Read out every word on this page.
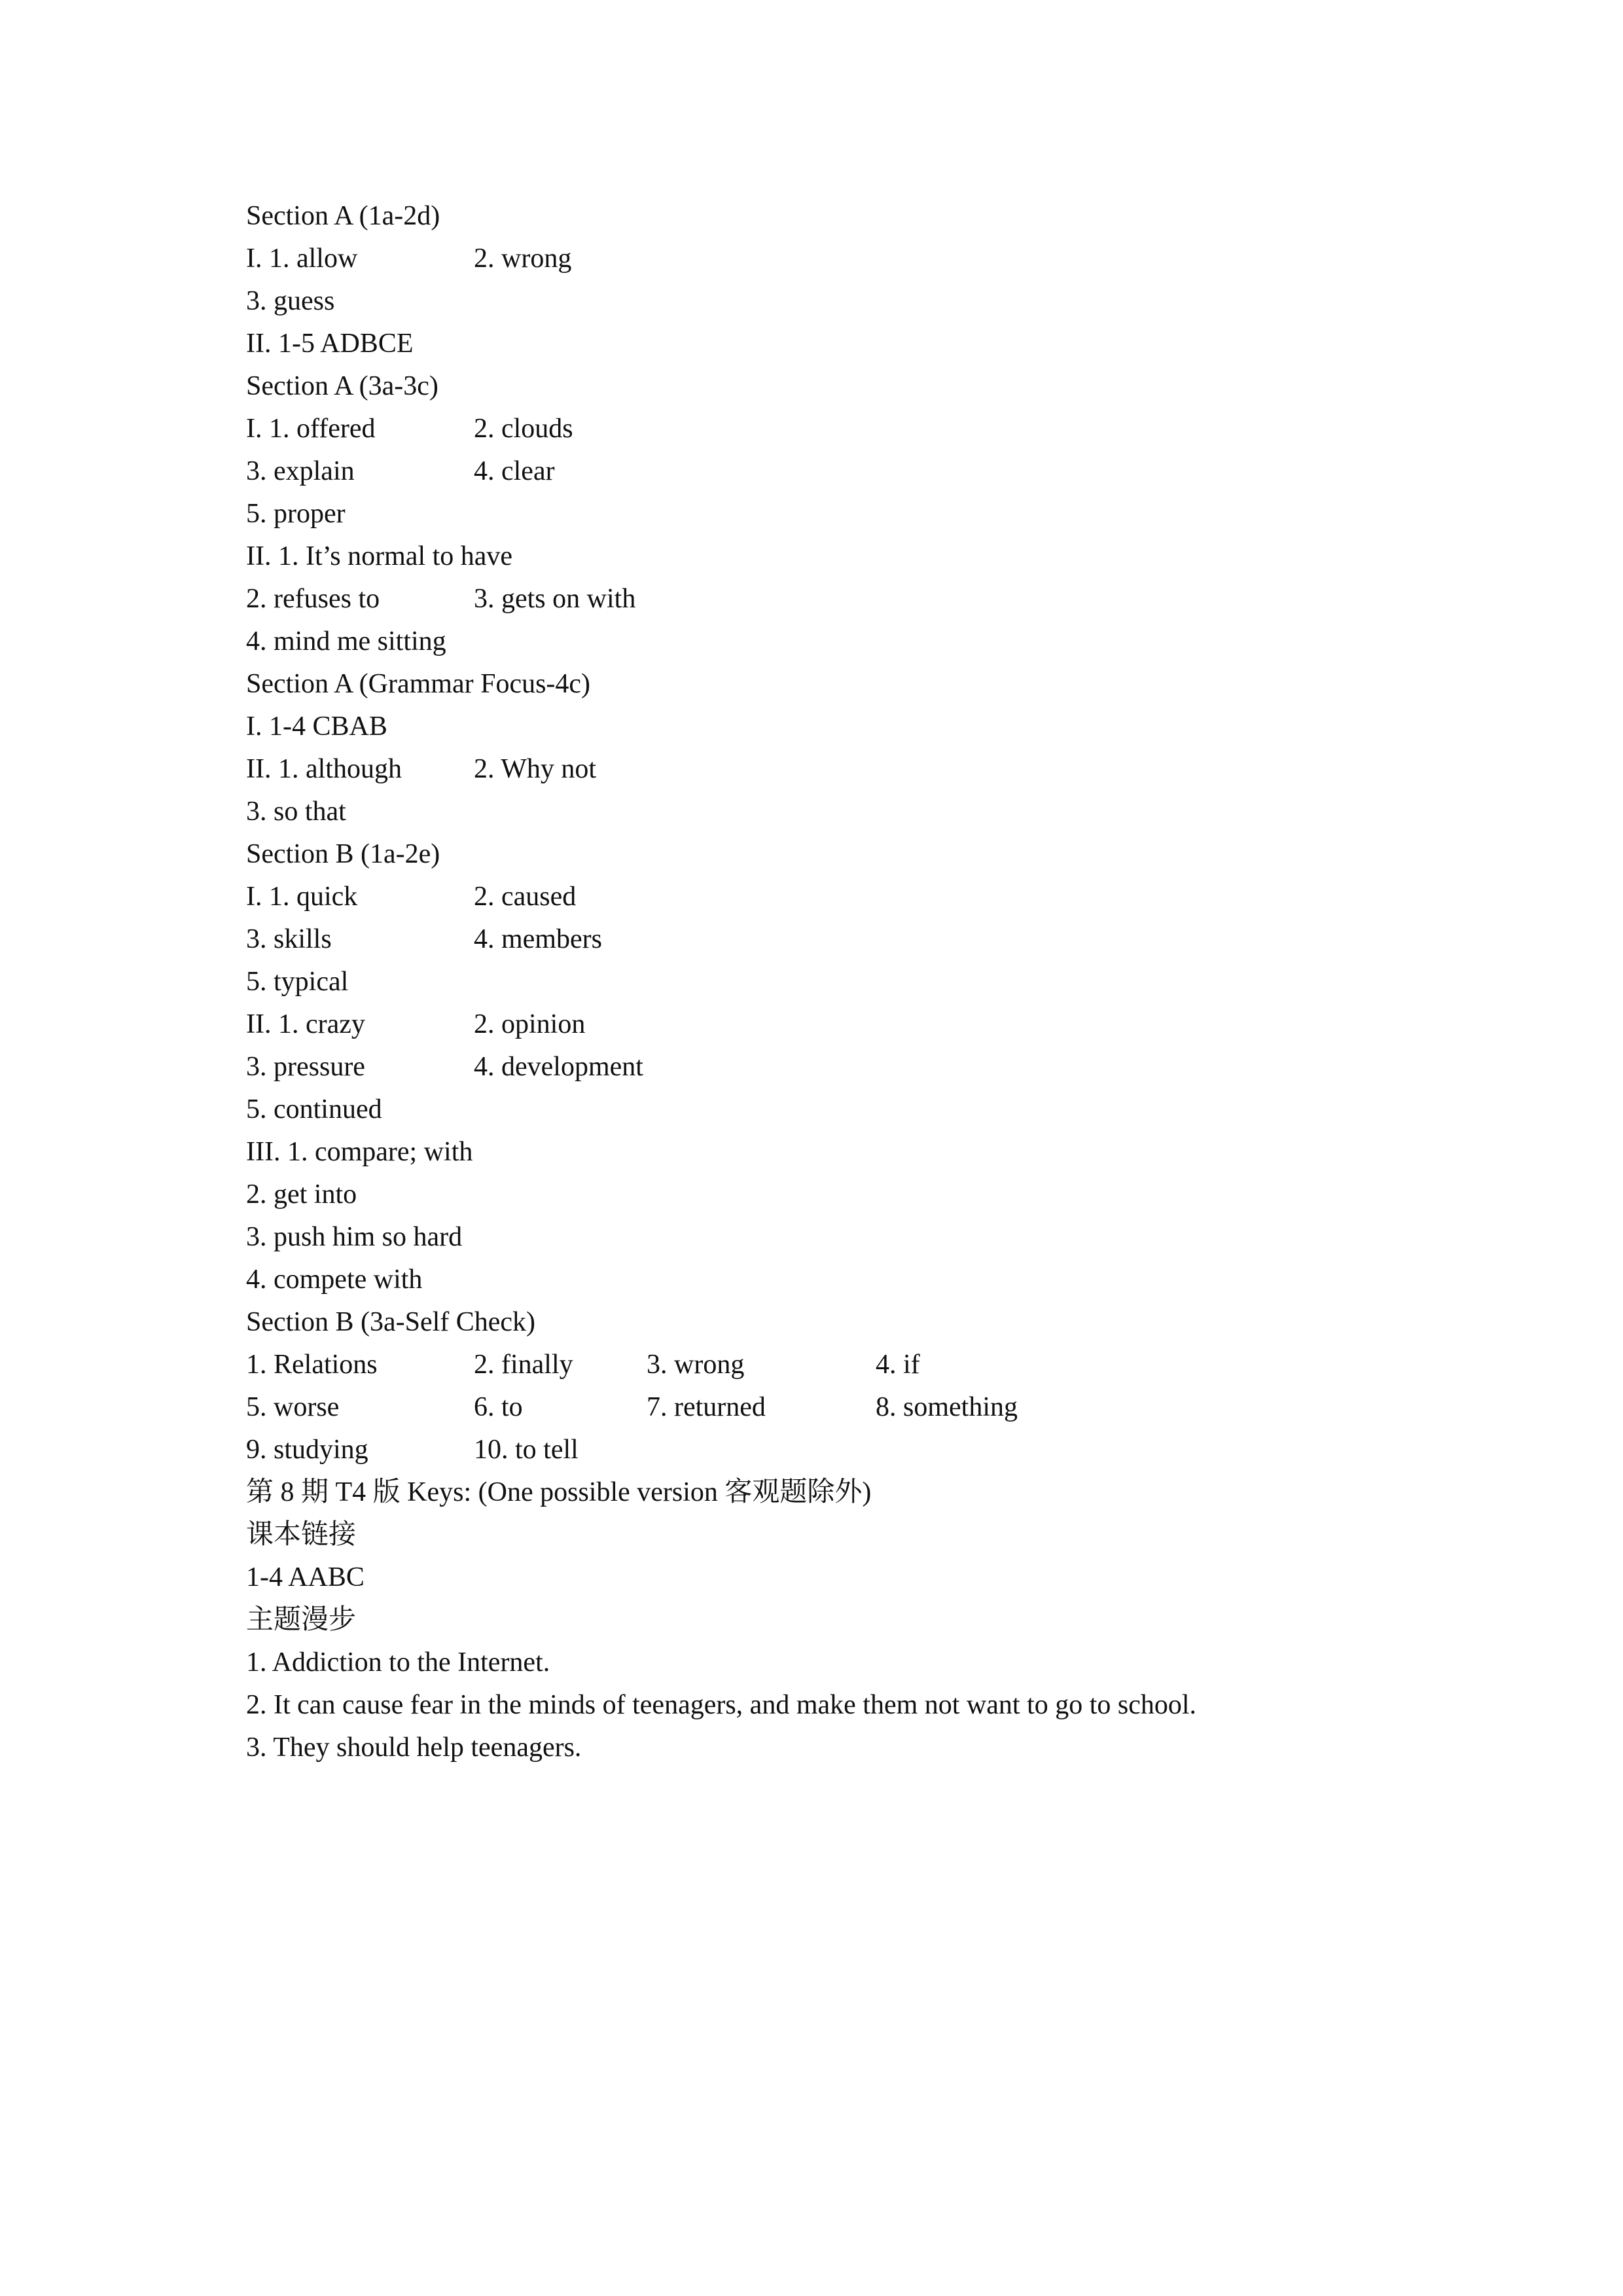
Section A (1a-2d)
I. 1. allow	2. wrong
3. guess
II. 1-5 ADBCE
Section A (3a-3c)
I. 1. offered	2. clouds
3. explain	4. clear
5. proper
II. 1. It’s normal to have
2. refuses to	3. gets on with
4. mind me sitting
Section A (Grammar Focus-4c)
I. 1-4 CBAB
II. 1. although	2. Why not
3. so that
Section B (1a-2e)
I. 1. quick	2. caused
3. skills	4. members
5. typical
II. 1. crazy	2. opinion
3. pressure	4. development
5. continued
III. 1. compare; with
2. get into
3. push him so hard
4. compete with
Section B (3a-Self Check)
1. Relations	2. finally	3. wrong	4. if
5. worse	6. to	7. returned	8. something
9. studying	10. to tell
第 8 期 T4 版 Keys: (One possible version 客观题除外)
课本链接
1-4 AABC
主题漫步
1. Addiction to the Internet.
2. It can cause fear in the minds of teenagers, and make them not want to go to school.
3. They should help teenagers.
